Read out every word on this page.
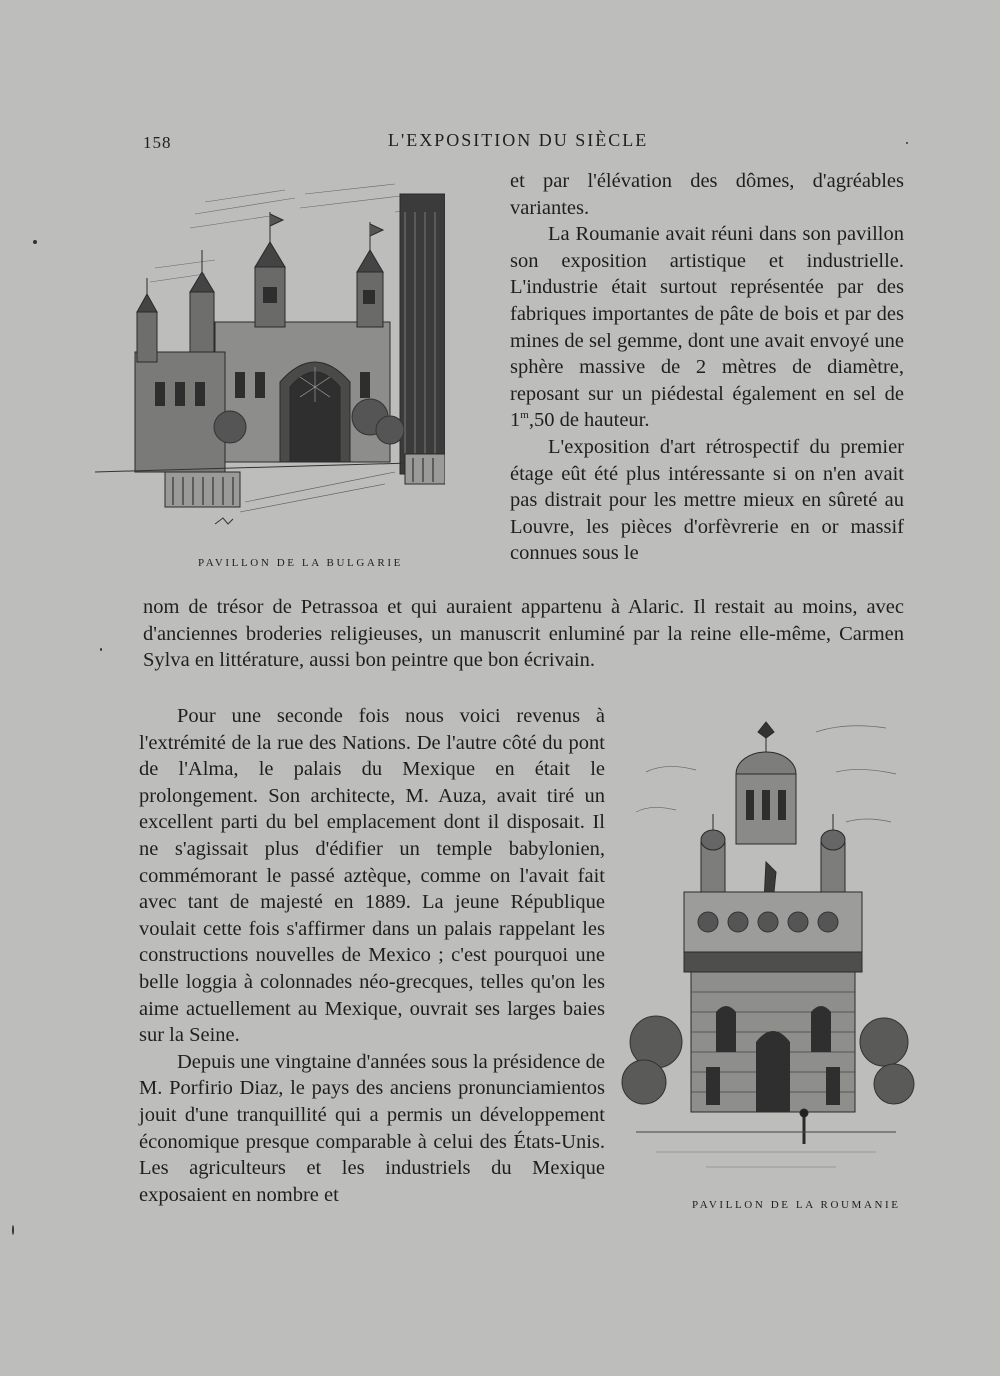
158	L'EXPOSITION DU SIÈCLE
PAVILLON DE LA BULGARIE

et par l'élévation des dômes, d'agréables variantes.

La Roumanie avait réuni dans son pavillon son exposition artistique et industrielle. L'industrie était surtout représentée par des fabriques importantes de pâte de bois et par des mines de sel gemme, dont une avait envoyé une sphère massive de 2 mètres de diamètre, reposant sur un piédestal également en sel de 1$^m$,50 de hauteur.

L'exposition d'art rétrospectif du premier étage eût été plus intéressante si on n'en avait pas distrait pour les mettre mieux en sûreté au Louvre, les pièces d'orfèvrerie en or massif connues sous le

nom de trésor de Petrassoa et qui auraient appartenu à Alaric. Il restait au moins, avec d'anciennes broderies religieuses, un manuscrit enluminé par la reine elle-même, Carmen Sylva en littérature, aussi bon peintre que bon écrivain.

Pour une seconde fois nous voici revenus à l'extrémité de la rue des Nations. De l'autre côté du pont de l'Alma, le palais du Mexique en était le prolongement. Son architecte, M. Auza, avait tiré un excellent parti du bel emplacement dont il disposait. Il ne s'agissait plus d'édifier un temple babylonien, commémorant le passé aztèque, comme on l'avait fait avec tant de majesté en 1889. La jeune République voulait cette fois s'affirmer dans un palais rappelant les constructions nouvelles de Mexico ; c'est pourquoi une belle loggia à colonnades néo-grecques, telles qu'on les aime actuellement au Mexique, ouvrait ses larges baies sur la Seine.

Depuis une vingtaine d'années sous la présidence de M. Porfirio Diaz, le pays des anciens pronunciamientos jouit d'une tranquillité qui a permis un développement économique presque comparable à celui des États-Unis. Les agriculteurs et les industriels du Mexique exposaient en nombre et	PAVILLON DE LA ROUMANIE
